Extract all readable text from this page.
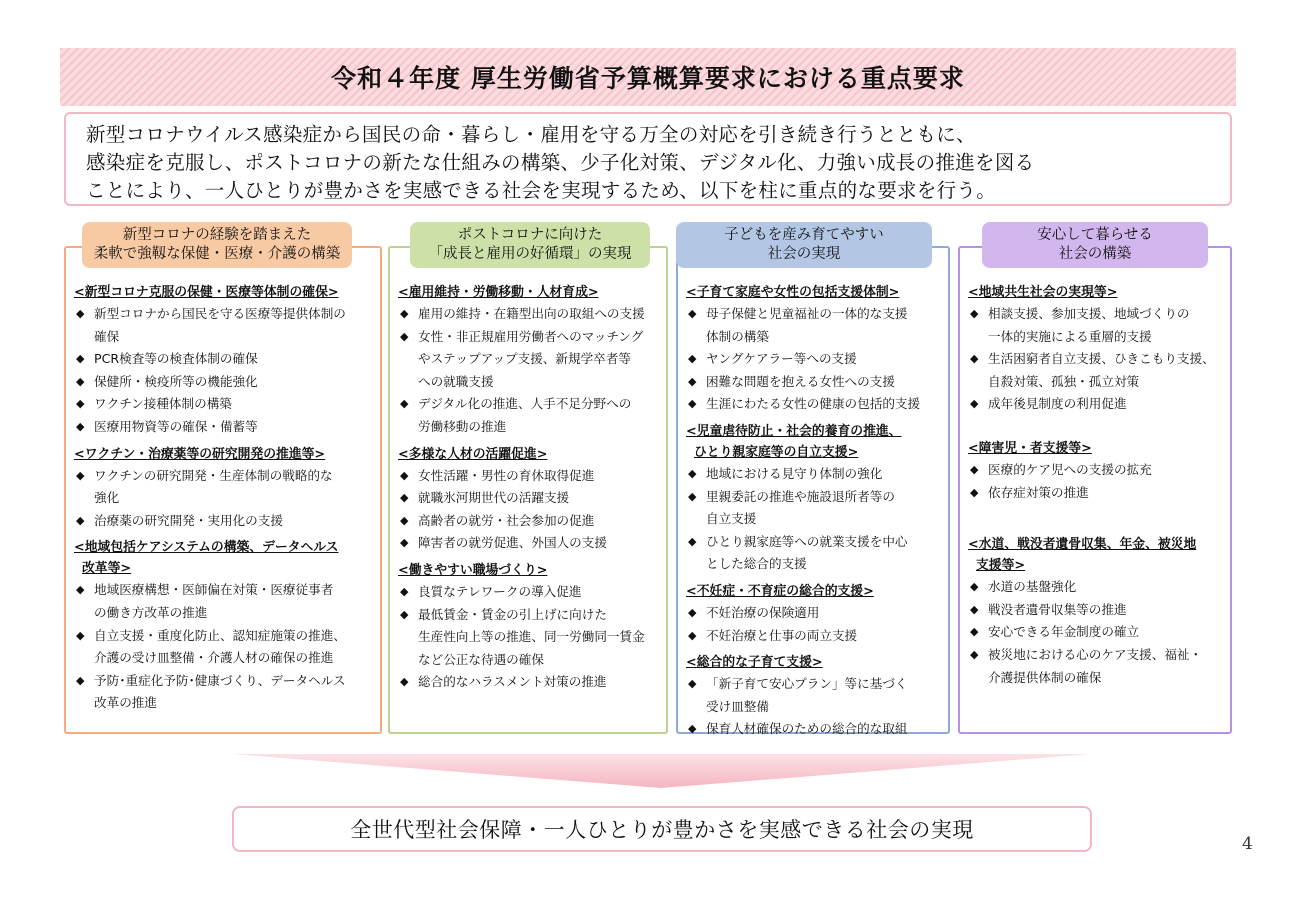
令和４年度 厚生労働省予算概算要求における重点要求

新型コロナウイルス感染症から国民の命・暮らし・雇用を守る万全の対応を引き続き行うとともに、

感染症を克服し、ポストコロナの新たな仕組みの構築、少子化対策、デジタル化、力強い成長の推進を図る

ことにより、一人ひとりが豊かさを実感できる社会を実現するため、以下を柱に重点的な要求を行う。

新型コロナの経験を踏まえた
柔軟で強靱な保健・医療・介護の構築
<新型コロナ克服の保健・医療等体制の確保>
◆ 新型コロナから国民を守る医療等提供体制の
確保
◆ PCR検査等の検査体制の確保
◆ 保健所・検疫所等の機能強化
◆ ワクチン接種体制の構築
◆ 医療用物資等の確保・備蓄等
<ワクチン・治療薬等の研究開発の推進等>
◆ ワクチンの研究開発・生産体制の戦略的な
強化
◆ 治療薬の研究開発・実用化の支援
<地域包括ケアシステムの構築、データヘルス
改革等>
◆ 地域医療構想・医師偏在対策・医療従事者
の働き方改革の推進
◆ 自立支援・重度化防止、認知症施策の推進、
介護の受け皿整備・介護人材の確保の推進
◆ 予防･重症化予防･健康づくり、データヘルス
改革の推進
ポストコロナに向けた
「成長と雇用の好循環」の実現
<雇用維持・労働移動・人材育成>
◆ 雇用の維持・在籍型出向の取組への支援
◆ 女性・非正規雇用労働者へのマッチング
やステップアップ支援、新規学卒者等
への就職支援
◆ デジタル化の推進、人手不足分野への
労働移動の推進
<多様な人材の活躍促進>
◆ 女性活躍・男性の育休取得促進
◆ 就職氷河期世代の活躍支援
◆ 高齢者の就労・社会参加の促進
◆ 障害者の就労促進、外国人の支援
<働きやすい職場づくり>
◆ 良質なテレワークの導入促進
◆ 最低賃金・賃金の引上げに向けた
生産性向上等の推進、同一労働同一賃金
など公正な待遇の確保
◆ 総合的なハラスメント対策の推進
子どもを産み育てやすい
社会の実現
<子育て家庭や女性の包括支援体制>
◆ 母子保健と児童福祉の一体的な支援
体制の構築
◆ ヤングケアラー等への支援
◆ 困難な問題を抱える女性への支援
◆ 生涯にわたる女性の健康の包括的支援
<児童虐待防止・社会的養育の推進、
ひとり親家庭等の自立支援>
◆ 地域における見守り体制の強化
◆ 里親委託の推進や施設退所者等の
自立支援
◆ ひとり親家庭等への就業支援を中心
とした総合的支援
<不妊症・不育症の総合的支援>
◆ 不妊治療の保険適用
◆ 不妊治療と仕事の両立支援
<総合的な子育て支援>
◆ 「新子育て安心プラン」等に基づく
受け皿整備
◆ 保育人材確保のための総合的な取組
安心して暮らせる
社会の構築
<地域共生社会の実現等>
◆ 相談支援、参加支援、地域づくりの
一体的実施による重層的支援
◆ 生活困窮者自立支援、ひきこもり支援、
自殺対策、孤独・孤立対策
◆ 成年後見制度の利用促進
<障害児・者支援等>
◆ 医療的ケア児への支援の拡充
◆ 依存症対策の推進
<水道、戦没者遺骨収集、年金、被災地
支援等>
◆ 水道の基盤強化
◆ 戦没者遺骨収集等の推進
◆ 安心できる年金制度の確立
◆ 被災地における心のケア支援、福祉・
介護提供体制の確保
全世代型社会保障・一人ひとりが豊かさを実感できる社会の実現
4
